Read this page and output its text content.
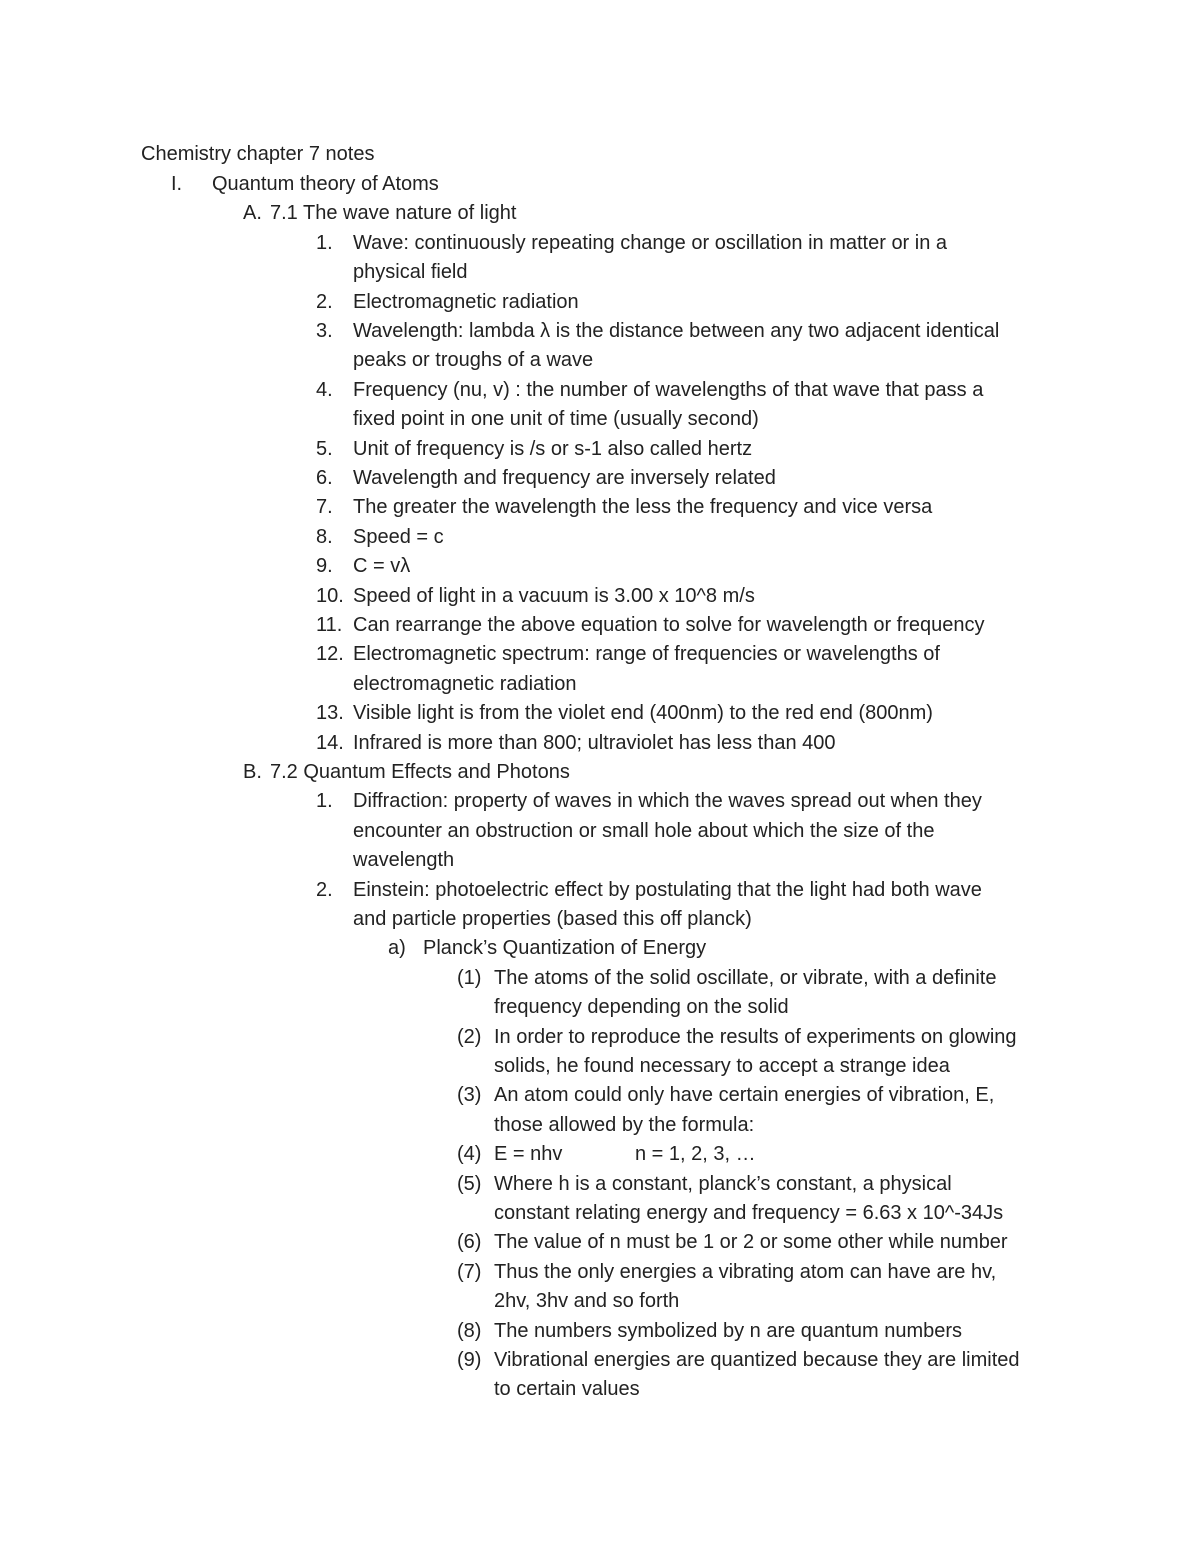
Chemistry chapter 7 notes
I. Quantum theory of Atoms
A. 7.1 The wave nature of light
1. Wave: continuously repeating change or oscillation in matter or in a
physical field
2. Electromagnetic radiation
3. Wavelength: lambda λ is the distance between any two adjacent identical
peaks or troughs of a wave
4. Frequency (nu, v) : the number of wavelengths of that wave that pass a
fixed point in one unit of time (usually second)
5. Unit of frequency is /s or s-1 also called hertz
6. Wavelength and frequency are inversely related
7. The greater the wavelength the less the frequency and vice versa
8. Speed = c
9. C = vλ
10. Speed of light in a vacuum is 3.00 x 10^8 m/s
11. Can rearrange the above equation to solve for wavelength or frequency
12. Electromagnetic spectrum: range of frequencies or wavelengths of
electromagnetic radiation
13. Visible light is from the violet end (400nm) to the red end (800nm)
14. Infrared is more than 800; ultraviolet has less than 400
B. 7.2 Quantum Effects and Photons
1. Diffraction: property of waves in which the waves spread out when they
encounter an obstruction or small hole about which the size of the
wavelength
2. Einstein: photoelectric effect by postulating that the light had both wave
and particle properties (based this off planck)
a) Planck’s Quantization of Energy
(1) The atoms of the solid oscillate, or vibrate, with a definite
frequency depending on the solid
(2) In order to reproduce the results of experiments on glowing
solids, he found necessary to accept a strange idea
(3) An atom could only have certain energies of vibration, E,
those allowed by the formula:
(4) E = nhv	n = 1, 2, 3, …
(5) Where h is a constant, planck’s constant, a physical
constant relating energy and frequency = 6.63 x 10^-34Js
(6) The value of n must be 1 or 2 or some other while number
(7) Thus the only energies a vibrating atom can have are hv,
2hv, 3hv and so forth
(8) The numbers symbolized by n are quantum numbers
(9) Vibrational energies are quantized because they are limited
to certain values
